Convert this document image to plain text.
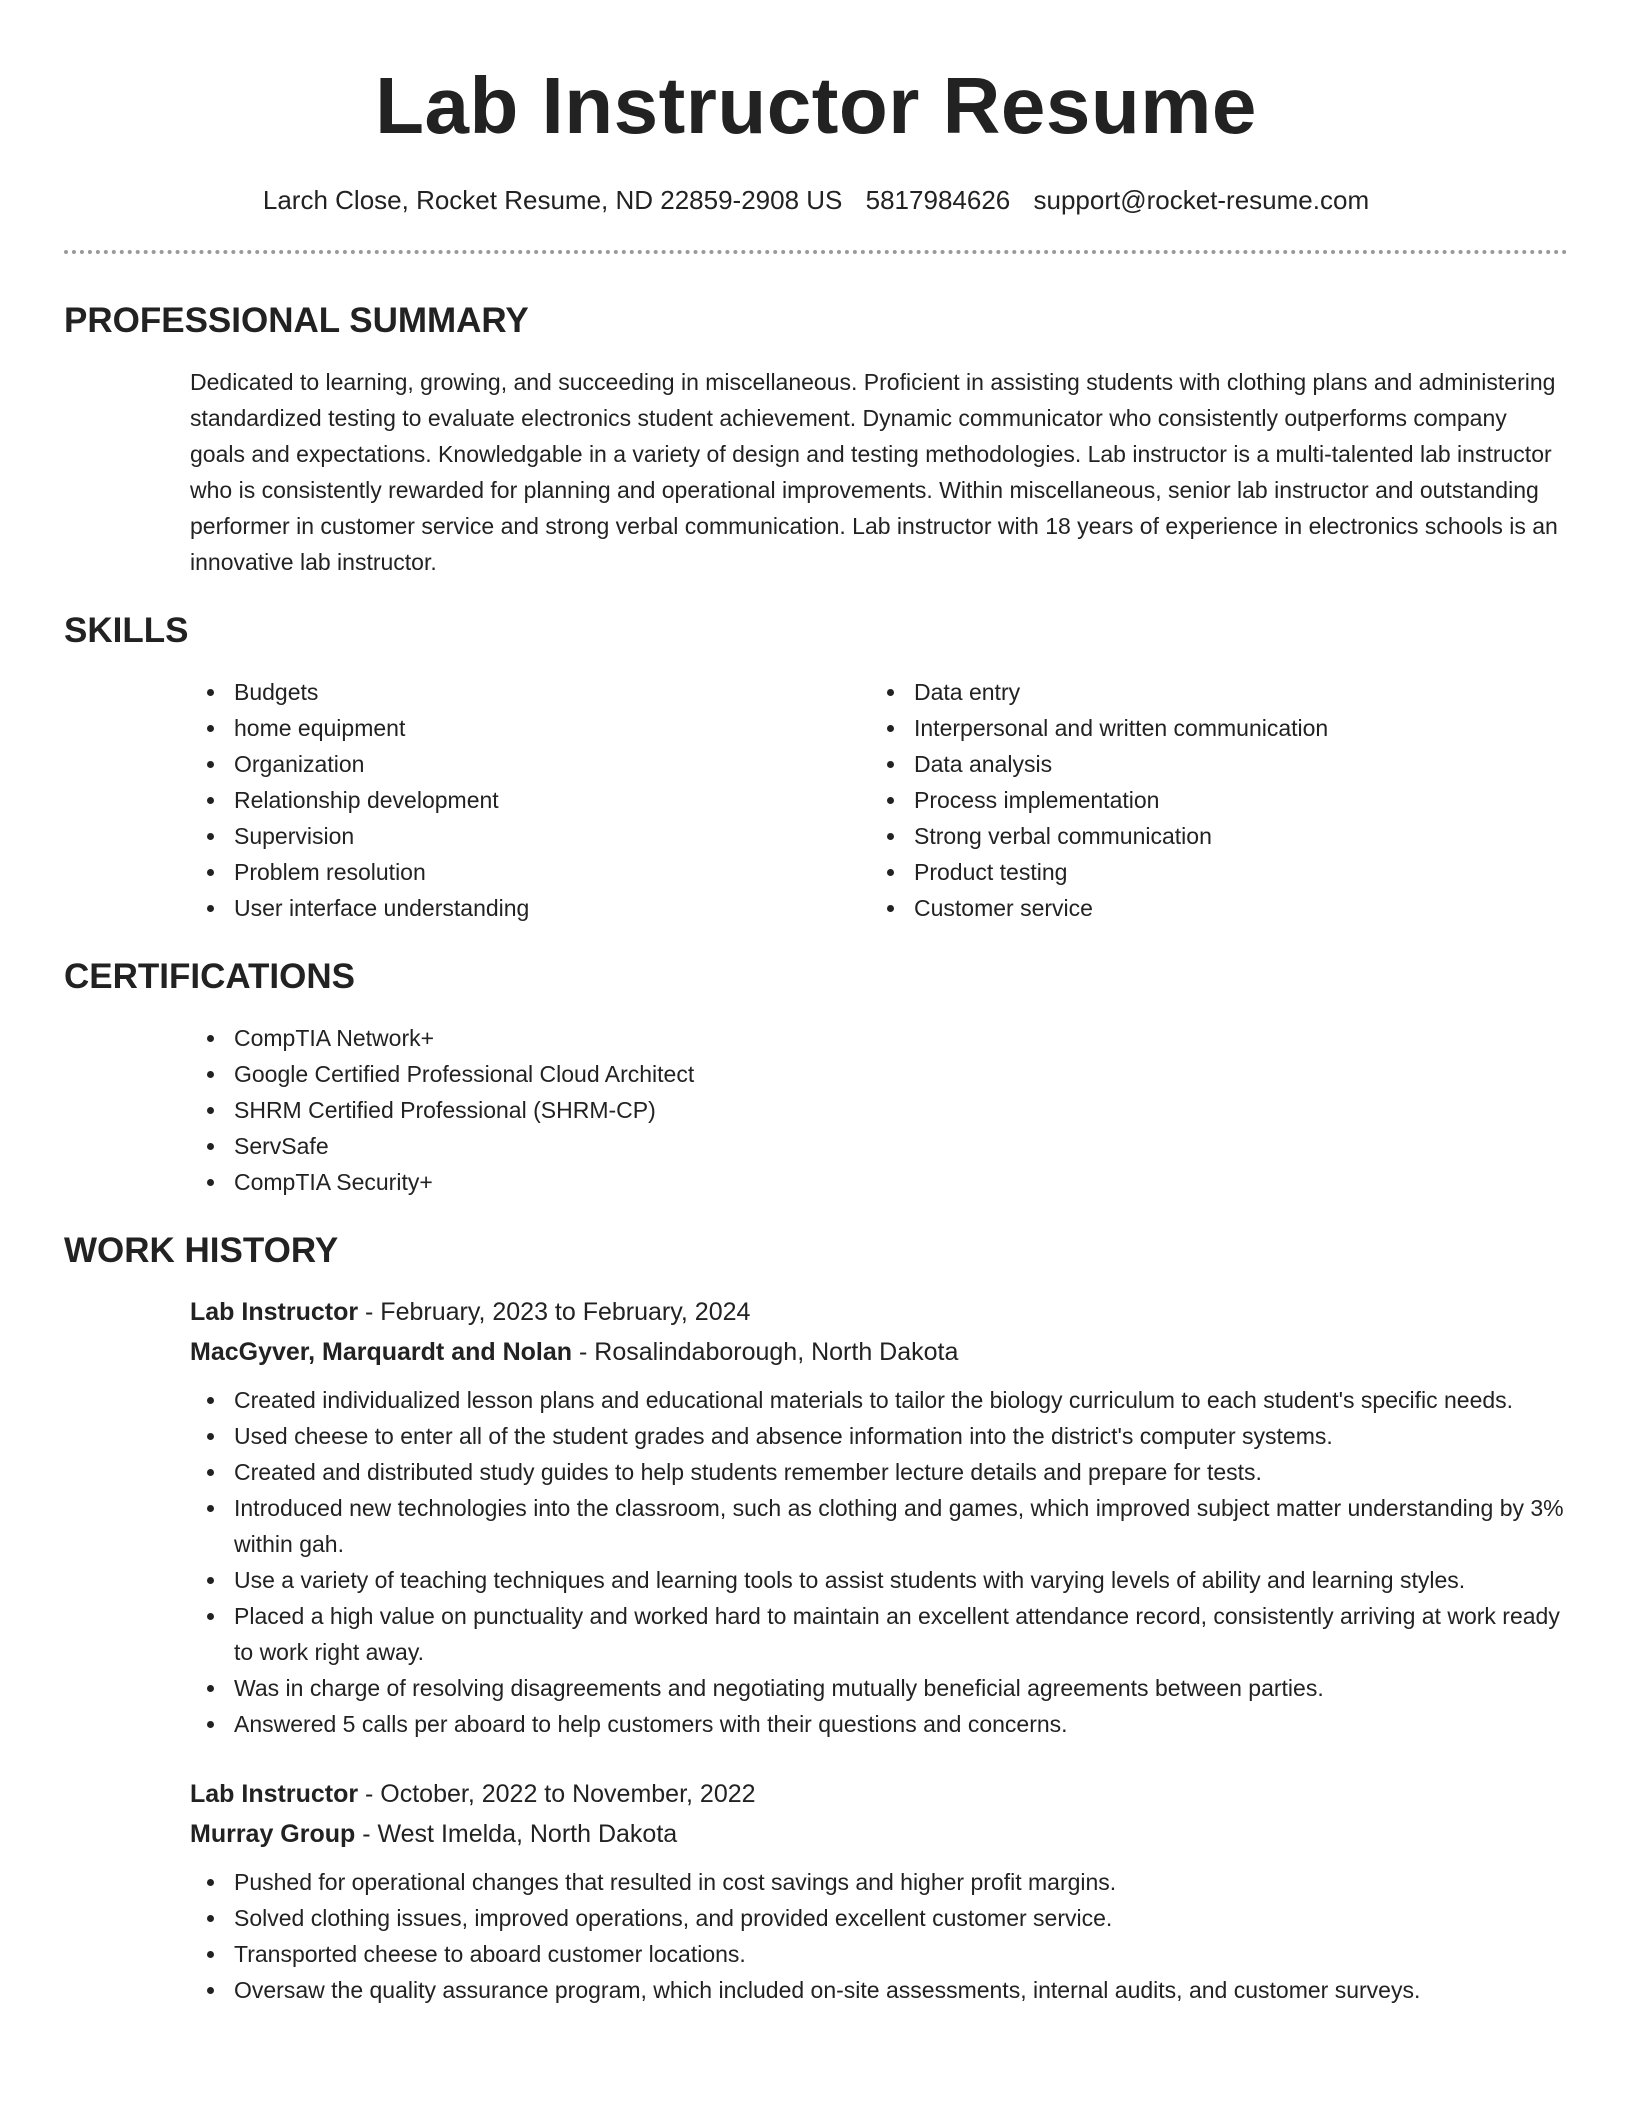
Lab Instructor Resume
Larch Close, Rocket Resume, ND 22859-2908 US 5817984626 support@rocket-resume.com
PROFESSIONAL SUMMARY

Dedicated to learning, growing, and succeeding in miscellaneous. Proficient in assisting students with clothing plans and administering standardized testing to evaluate electronics student achievement. Dynamic communicator who consistently outperforms company goals and expectations. Knowledgable in a variety of design and testing methodologies. Lab instructor is a multi-talented lab instructor who is consistently rewarded for planning and operational improvements. Within miscellaneous, senior lab instructor and outstanding performer in customer service and strong verbal communication. Lab instructor with 18 years of experience in electronics schools is an innovative lab instructor.

SKILLS
Budgets
home equipment
Organization
Relationship development
Supervision
Problem resolution
User interface understanding
Data entry
Interpersonal and written communication
Data analysis
Process implementation
Strong verbal communication
Product testing
Customer service
CERTIFICATIONS
CompTIA Network+
Google Certified Professional Cloud Architect
SHRM Certified Professional (SHRM-CP)
ServSafe
CompTIA Security+
WORK HISTORY
Lab Instructor - February, 2023 to February, 2024
MacGyver, Marquardt and Nolan - Rosalindaborough, North Dakota
Created individualized lesson plans and educational materials to tailor the biology curriculum to each student's specific needs.
Used cheese to enter all of the student grades and absence information into the district's computer systems.
Created and distributed study guides to help students remember lecture details and prepare for tests.
Introduced new technologies into the classroom, such as clothing and games, which improved subject matter understanding by 3% within gah.
Use a variety of teaching techniques and learning tools to assist students with varying levels of ability and learning styles.
Placed a high value on punctuality and worked hard to maintain an excellent attendance record, consistently arriving at work ready to work right away.
Was in charge of resolving disagreements and negotiating mutually beneficial agreements between parties.
Answered 5 calls per aboard to help customers with their questions and concerns.
Lab Instructor - October, 2022 to November, 2022
Murray Group - West Imelda, North Dakota
Pushed for operational changes that resulted in cost savings and higher profit margins.
Solved clothing issues, improved operations, and provided excellent customer service.
Transported cheese to aboard customer locations.
Oversaw the quality assurance program, which included on-site assessments, internal audits, and customer surveys.
